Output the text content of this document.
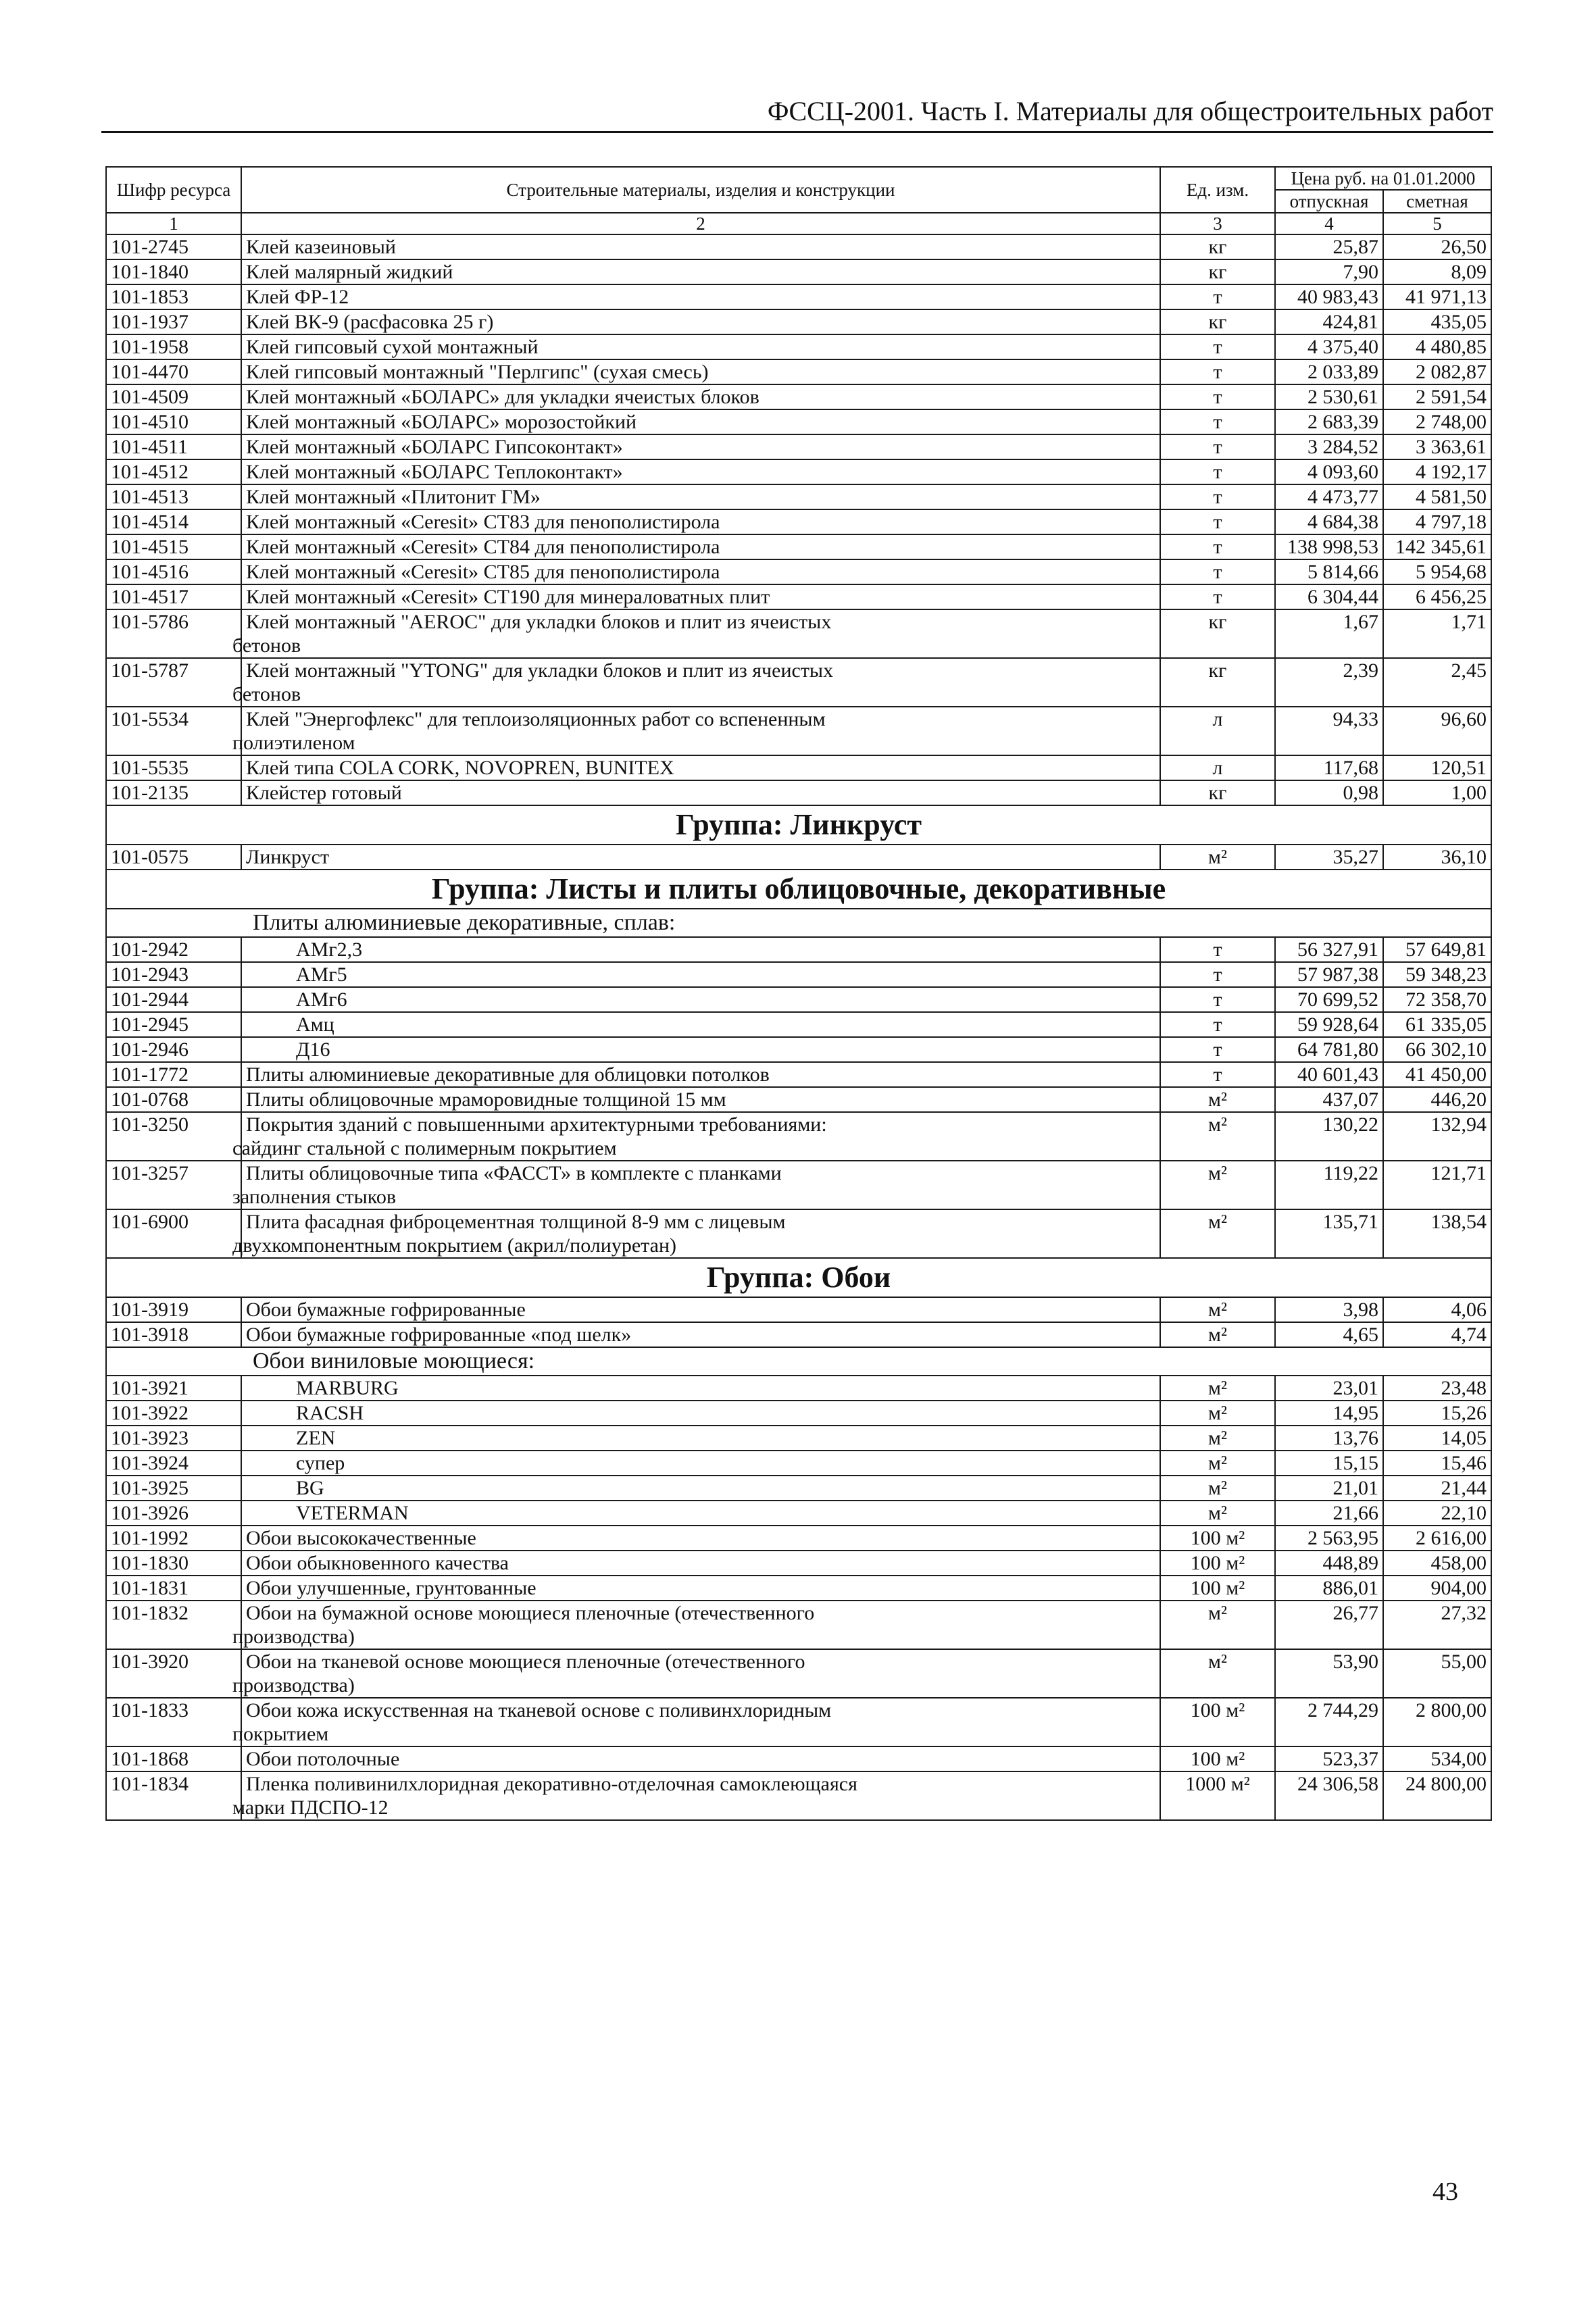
ФССЦ-2001. Часть I. Материалы для общестроительных работ
Шифр ресурса	Строительные материалы, изделия и конструкции	Ед. изм.	Цена руб. на 01.01.2000	
			отпускная	сметная
1	2	3	4	5
101-2745	Клей казеиновый	кг	25,87	26,50
101-1840	Клей малярный жидкий	кг	7,90	8,09
101-1853	Клей ФР-12	т	40 983,43	41 971,13
101-1937	Клей ВК-9 (расфасовка 25 г)	кг	424,81	435,05
101-1958	Клей гипсовый сухой монтажный	т	4 375,40	4 480,85
101-4470	Клей гипсовый монтажный "Перлгипс" (сухая смесь)	т	2 033,89	2 082,87
101-4509	Клей монтажный «БОЛАРС» для укладки ячеистых блоков	т	2 530,61	2 591,54
101-4510	Клей монтажный «БОЛАРС» морозостойкий	т	2 683,39	2 748,00
101-4511	Клей монтажный «БОЛАРС Гипсоконтакт»	т	3 284,52	3 363,61
101-4512	Клей монтажный «БОЛАРС Теплоконтакт»	т	4 093,60	4 192,17
101-4513	Клей монтажный «Плитонит ГМ»	т	4 473,77	4 581,50
101-4514	Клей монтажный «Ceresit» CT83 для пенополистирола	т	4 684,38	4 797,18
101-4515	Клей монтажный «Ceresit» CT84 для пенополистирола	т	138 998,53	142 345,61
101-4516	Клей монтажный «Ceresit» CT85 для пенополистирола	т	5 814,66	5 954,68
101-4517	Клей монтажный «Ceresit» CT190 для минераловатных плит	т	6 304,44	6 456,25
101-5786	Клей монтажный "AEROC" для укладки блоков и плит из ячеистых
бетонов	кг	1,67	1,71
101-5787	Клей монтажный "YTONG" для укладки блоков и плит из ячеистых
бетонов	кг	2,39	2,45
101-5534	Клей "Энергофлекс" для теплоизоляционных работ со вспененным
полиэтиленом	л	94,33	96,60
101-5535	Клей типа COLA CORK, NOVOPREN, BUNITEX	л	117,68	120,51
101-2135	Клейстер готовый	кг	0,98	1,00
Группа: Линкруст				
101-0575	Линкруст	м²	35,27	36,10
Группа: Листы и плиты облицовочные, декоративные				
Плиты алюминиевые декоративные, сплав:				
101-2942	АМг2,3	т	56 327,91	57 649,81
101-2943	АМг5	т	57 987,38	59 348,23
101-2944	АМг6	т	70 699,52	72 358,70
101-2945	Амц	т	59 928,64	61 335,05
101-2946	Д16	т	64 781,80	66 302,10
101-1772	Плиты алюминиевые декоративные для облицовки потолков	т	40 601,43	41 450,00
101-0768	Плиты облицовочные мраморовидные толщиной 15 мм	м²	437,07	446,20
101-3250	Покрытия зданий с повышенными архитектурными требованиями:
сайдинг стальной с полимерным покрытием	м²	130,22	132,94
101-3257	Плиты облицовочные типа «ФАССТ» в комплекте с планками
заполнения стыков	м²	119,22	121,71
101-6900	Плита фасадная фиброцементная толщиной 8-9 мм с лицевым
двухкомпонентным покрытием (акрил/полиуретан)	м²	135,71	138,54
Группа: Обои				
101-3919	Обои бумажные гофрированные	м²	3,98	4,06
101-3918	Обои бумажные гофрированные «под шелк»	м²	4,65	4,74
Обои виниловые моющиеся:				
101-3921	MARBURG	м²	23,01	23,48
101-3922	RACSH	м²	14,95	15,26
101-3923	ZEN	м²	13,76	14,05
101-3924	супер	м²	15,15	15,46
101-3925	BG	м²	21,01	21,44
101-3926	VETERMAN	м²	21,66	22,10
101-1992	Обои высококачественные	100 м²	2 563,95	2 616,00
101-1830	Обои обыкновенного качества	100 м²	448,89	458,00
101-1831	Обои улучшенные, грунтованные	100 м²	886,01	904,00
101-1832	Обои на бумажной основе моющиеся пленочные (отечественного
производства)	м²	26,77	27,32
101-3920	Обои на тканевой основе моющиеся пленочные (отечественного
производства)	м²	53,90	55,00
101-1833	Обои кожа искусственная на тканевой основе с поливинхлоридным
покрытием	100 м²	2 744,29	2 800,00
101-1868	Обои потолочные	100 м²	523,37	534,00
101-1834	Пленка поливинилхлоридная декоративно-отделочная самоклеющаяся
марки ПДСПО-12	1000 м²	24 306,58	24 800,00
43
